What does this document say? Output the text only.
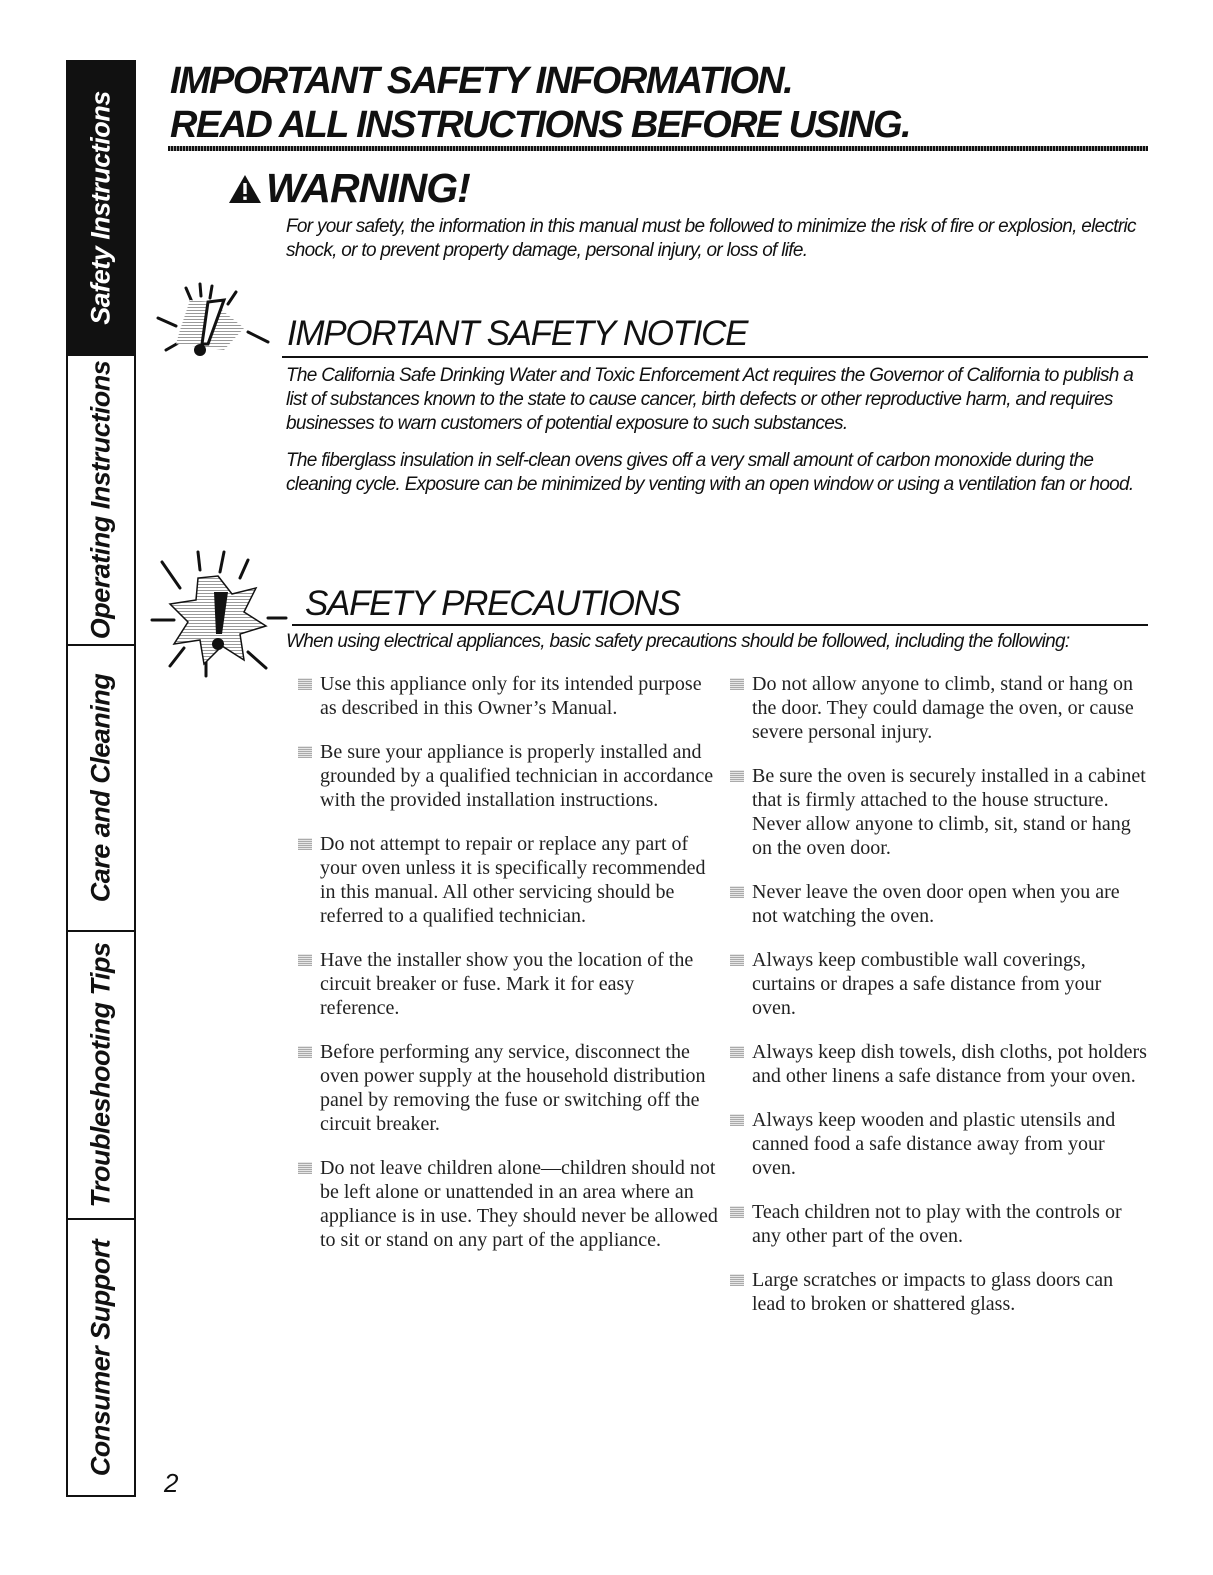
Safety Instructions
Operating Instructions
Care and Cleaning
Troubleshooting Tips
Consumer Support
IMPORTANT SAFETY INFORMATION.
READ ALL INSTRUCTIONS BEFORE USING.
WARNING!
For your safety, the information in this manual must be followed to minimize the risk of fire or explosion, electric shock, or to prevent property damage, personal injury, or loss of life.
IMPORTANT SAFETY NOTICE
The California Safe Drinking Water and Toxic Enforcement Act requires the Governor of California to publish a list of substances known to the state to cause cancer, birth defects or other reproductive harm, and requires businesses to warn customers of potential exposure to such substances.
The fiberglass insulation in self-clean ovens gives off a very small amount of carbon monoxide during the cleaning cycle. Exposure can be minimized by venting with an open window or using a ventilation fan or hood.
SAFETY PRECAUTIONS
When using electrical appliances, basic safety precautions should be followed, including the following:
Use this appliance only for its intended purpose as described in this Owner’s Manual.
Be sure your appliance is properly installed and grounded by a qualified technician in accordance with the provided installation instructions.
Do not attempt to repair or replace any part of your oven unless it is specifically recommended in this manual. All other servicing should be referred to a qualified technician.
Have the installer show you the location of the circuit breaker or fuse. Mark it for easy reference.
Before performing any service, disconnect the oven power supply at the household distribution panel by removing the fuse or switching off the circuit breaker.
Do not leave children alone—children should not be left alone or unattended in an area where an appliance is in use. They should never be allowed to sit or stand on any part of the appliance.
Do not allow anyone to climb, stand or hang on the door. They could damage the oven, or cause severe personal injury.
Be sure the oven is securely installed in a cabinet that is firmly attached to the house structure. Never allow anyone to climb, sit, stand or hang on the oven door.
Never leave the oven door open when you are not watching the oven.
Always keep combustible wall coverings, curtains or drapes a safe distance from your oven.
Always keep dish towels, dish cloths, pot holders and other linens a safe distance from your oven.
Always keep wooden and plastic utensils and canned food a safe distance away from your oven.
Teach children not to play with the controls or any other part of the oven.
Large scratches or impacts to glass doors can lead to broken or shattered glass.
2
